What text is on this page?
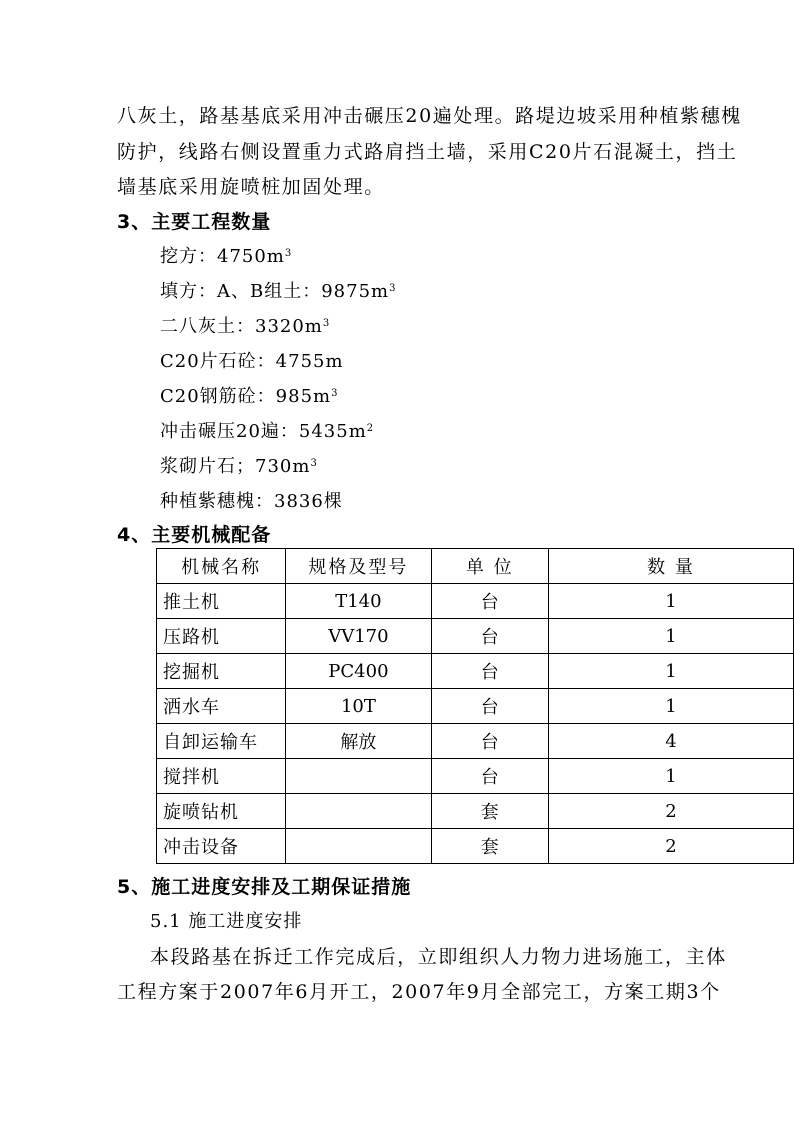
八灰土，路基基底采用冲击碾压20遍处理。路堤边坡采用种植紫穗槐
防护，线路右侧设置重力式路肩挡土墙，采用C20片石混凝土，挡土
墙基底采用旋喷桩加固处理。
3、主要工程数量
挖方：$4750m^3$
填方：A、B组土：$9875m^3$
二八灰土：$3320m^3$
C20片石砼：4755m
C20钢筋砼：$985m^3$
冲击碾压20遍：$5435m^2$
浆砌片石；$730m^3$
种植紫穗槐：3836棵
4、主要机械配备
机械名称	规格及型号	单 位	数 量
推土机	T140	台	1
压路机	VV170	台	1
挖掘机	PC400	台	1
洒水车	10T	台	1
自卸运输车	解放	台	4
搅拌机		台	1
旋喷钻机		套	2
冲击设备		套	2
5、施工进度安排及工期保证措施
5.1 施工进度安排
本段路基在拆迁工作完成后，立即组织人力物力进场施工，主体
工程方案于2007年6月开工，2007年9月全部完工，方案工期3个
